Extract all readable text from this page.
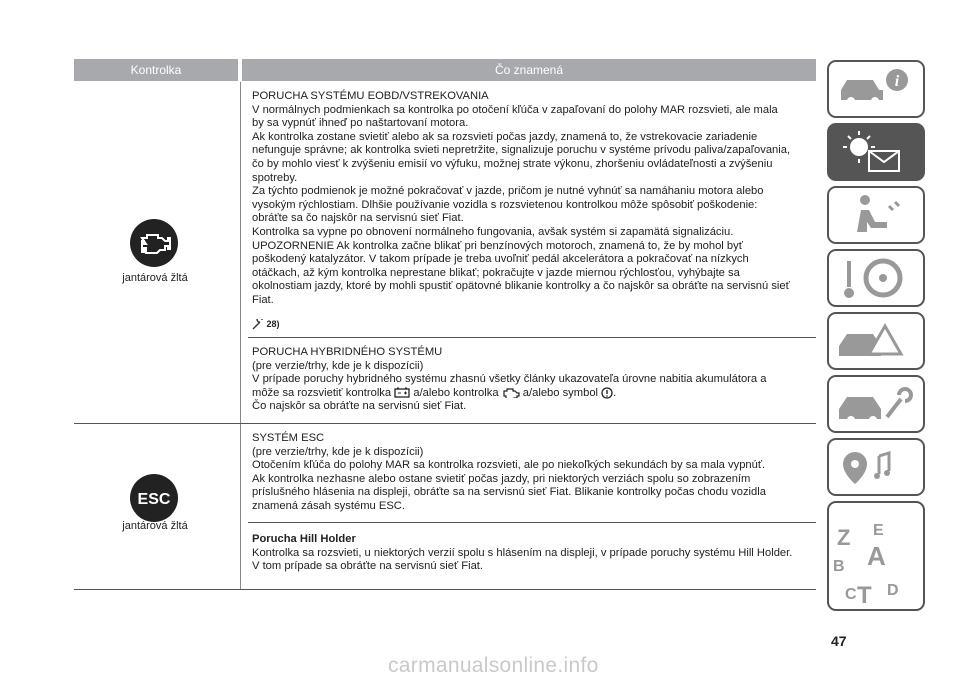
Kontrolka	Čo znamená
jantárová žltá

PORUCHA SYSTÉMU EOBD/VSTREKOVANIA

V normálnych podmienkach sa kontrolka po otočení kľúča v zapaľovaní do polohy MAR rozsvieti, ale mala

by sa vypnúť ihneď po naštartovaní motora.

Ak kontrolka zostane svietiť alebo ak sa rozsvieti počas jazdy, znamená to, že vstrekovacie zariadenie

nefunguje správne; ak kontrolka svieti nepretržite, signalizuje poruchu v systéme prívodu paliva/zapaľovania,

čo by mohlo viesť k zvýšeniu emisií vo výfuku, možnej strate výkonu, zhoršeniu ovládateľnosti a zvýšeniu

spotreby.

Za týchto podmienok je možné pokračovať v jazde, pričom je nutné vyhnúť sa namáhaniu motora alebo

vysokým rýchlostiam. Dlhšie používanie vozidla s rozsvietenou kontrolkou môže spôsobiť poškodenie:

obráťte sa čo najskôr na servisnú sieť Fiat.

Kontrolka sa vypne po obnovení normálneho fungovania, avšak systém si zapamätá signalizáciu.

UPOZORNENIE Ak kontrolka začne blikať pri benzínových motoroch, znamená to, že by mohol byť

poškodený katalyzátor. V takom prípade je treba uvoľniť pedál akcelerátora a pokračovať na nízkych

otáčkach, až kým kontrolka neprestane blikať; pokračujte v jazde miernou rýchlosťou, vyhýbajte sa

okolnostiam jazdy, ktoré by mohli spustiť opätovné blikanie kontrolky a čo najskôr sa obráťte na servisnú sieť

Fiat.

28)

PORUCHA HYBRIDNÉHO SYSTÉMU

(pre verzie/trhy, kde je k dispozícii)

V prípade poruchy hybridného systému zhasnú všetky články ukazovateľa úrovne nabitia akumulátora a

môže sa rozsvietiť kontrolka a/alebo kontrolka a/alebo symbol .

Čo najskôr sa obráťte na servisnú sieť Fiat.

ESC
jantárová žltá

SYSTÉM ESC

(pre verzie/trhy, kde je k dispozícii)

Otočením kľúča do polohy MAR sa kontrolka rozsvieti, ale po niekoľkých sekundách by sa mala vypnúť.

Ak kontrolka nezhasne alebo ostane svietiť počas jazdy, pri niektorých verziách spolu so zobrazením

príslušného hlásenia na displeji, obráťte sa na servisnú sieť Fiat. Blikanie kontrolky počas chodu vozidla

znamená zásah systému ESC.

Porucha Hill Holder

Kontrolka sa rozsvieti, u niektorých verzií spolu s hlásením na displeji, v prípade poruchy systému Hill Holder.

V tom prípade sa obráťte na servisnú sieť Fiat.

i
Z E
A
B
C T D
47
carmanualsonline.info
